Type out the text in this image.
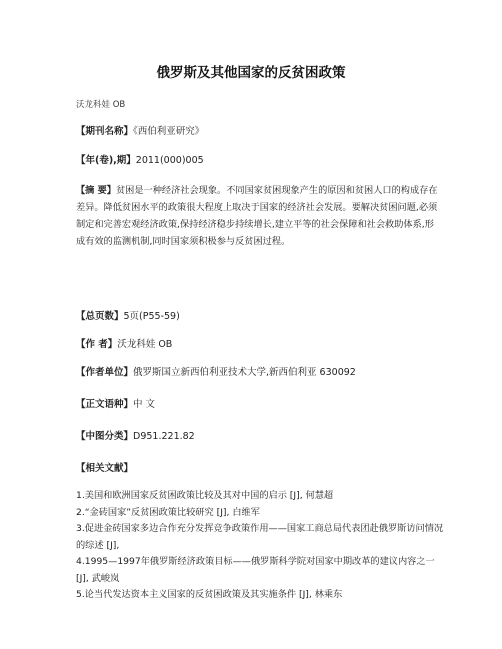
俄罗斯及其他国家的反贫困政策
沃龙科娃 OB
【期刊名称】《西伯利亚研究》
【年(卷),期】2011(000)005
【摘 要】贫困是一种经济社会现象。不同国家贫困现象产生的原因和贫困人口的构成存在差异。降低贫困水平的政策很大程度上取决于国家的经济社会发展。要解决贫困问题,必须制定和完善宏观经济政策,保持经济稳步持续增长,建立平等的社会保障和社会救助体系,形成有效的监测机制,同时国家须积极参与反贫困过程。
【总页数】5页(P55-59)
【作 者】沃龙科娃 OB
【作者单位】俄罗斯国立新西伯利亚技术大学,新西伯利亚 630092
【正文语种】中 文
【中图分类】D951.221.82
【相关文献】
1.美国和欧洲国家反贫困政策比较及其对中国的启示 [J], 何慧超
2.“金砖国家”反贫困政策比较研究 [J], 白维军
3.促进金砖国家多边合作充分发挥竞争政策作用——国家工商总局代表团赴俄罗斯访问情况的综述 [J],
4.1995—1997年俄罗斯经济政策目标——俄罗斯科学院对国家中期改革的建议内容之一 [J], 武峻岚
5.论当代发达资本主义国家的反贫困政策及其实施条件 [J], 林乘东
